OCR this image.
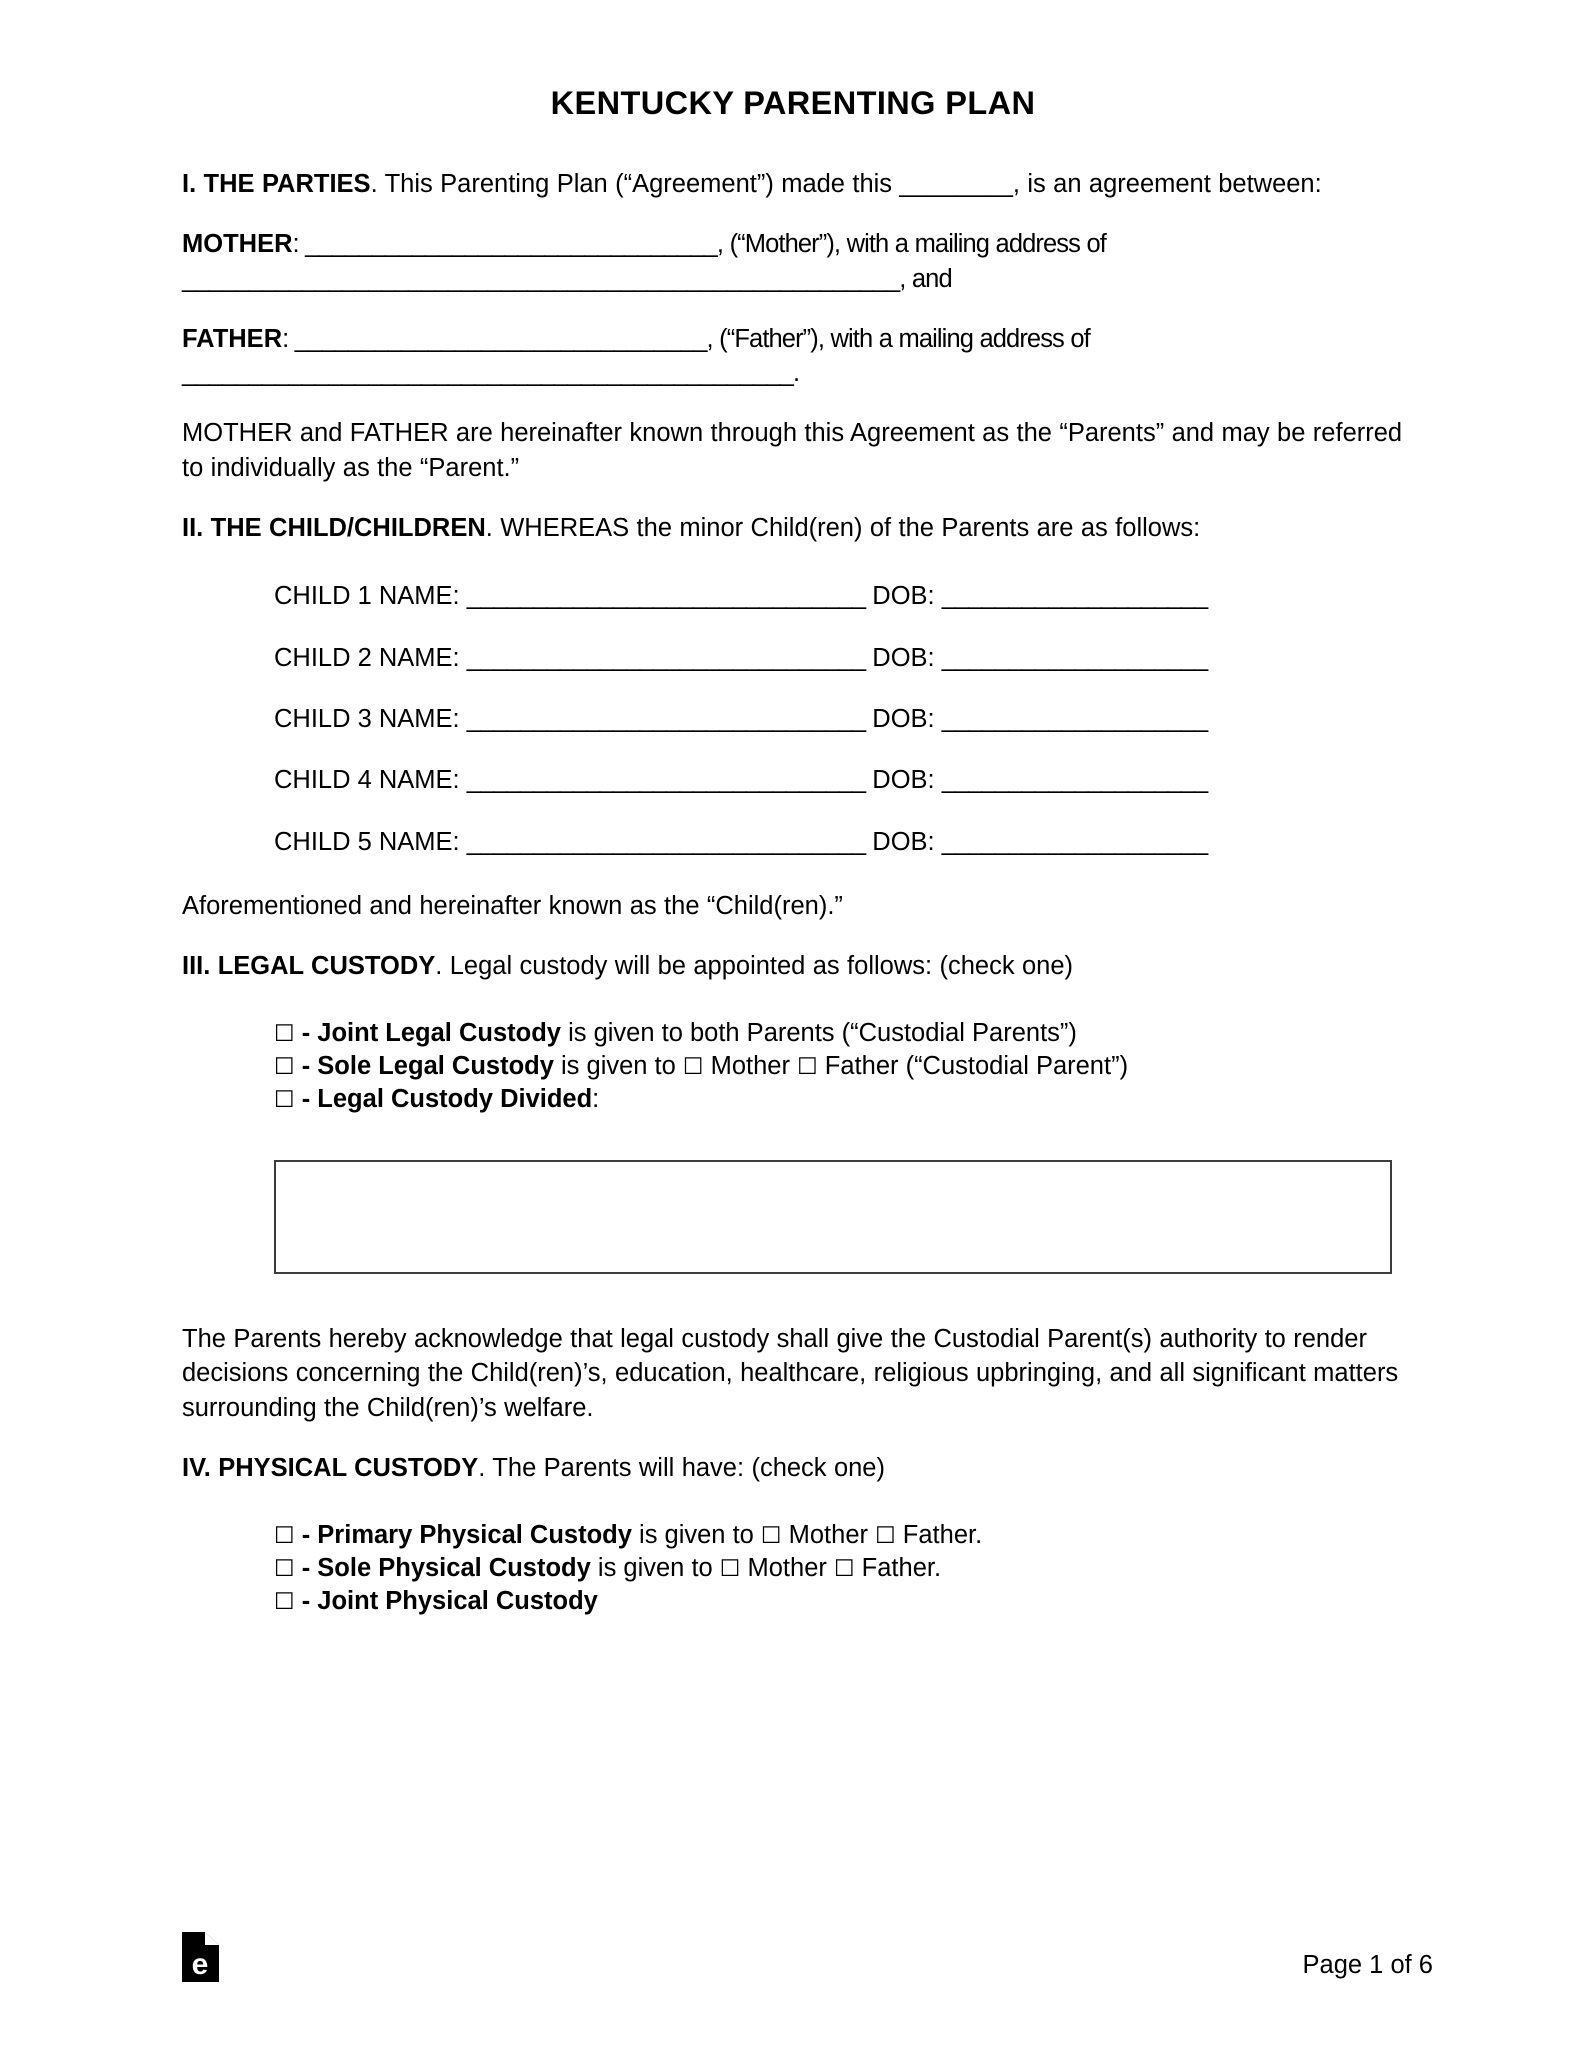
KENTUCKY PARENTING PLAN

I. THE PARTIES. This Parenting Plan (“Agreement”) made this ________, is an agreement between:

MOTHER: _______________________________, (“Mother”), with a mailing address of ______________________________________________________, and

FATHER: _______________________________, (“Father”), with a mailing address of ______________________________________________.

MOTHER and FATHER are hereinafter known through this Agreement as the “Parents” and may be referred to individually as the “Parent.”

II. THE CHILD/CHILDREN. WHEREAS the minor Child(ren) of the Parents are as follows:

CHILD 1 NAME: ______________________________ DOB: ____________________

CHILD 2 NAME: ______________________________ DOB: ____________________

CHILD 3 NAME: ______________________________ DOB: ____________________

CHILD 4 NAME: ______________________________ DOB: ____________________

CHILD 5 NAME: ______________________________ DOB: ____________________

Aforementioned and hereinafter known as the “Child(ren).”

III. LEGAL CUSTODY. Legal custody will be appointed as follows: (check one)

☐ - Joint Legal Custody is given to both Parents (“Custodial Parents”)

☐ - Sole Legal Custody is given to ☐ Mother ☐ Father (“Custodial Parent”)

☐ - Legal Custody Divided:

The Parents hereby acknowledge that legal custody shall give the Custodial Parent(s) authority to render decisions concerning the Child(ren)’s, education, healthcare, religious upbringing, and all significant matters surrounding the Child(ren)’s welfare.

IV. PHYSICAL CUSTODY. The Parents will have: (check one)

☐ - Primary Physical Custody is given to ☐ Mother ☐ Father.

☐ - Sole Physical Custody is given to ☐ Mother ☐ Father.

☐ - Joint Physical Custody

e	Page 1 of 6
